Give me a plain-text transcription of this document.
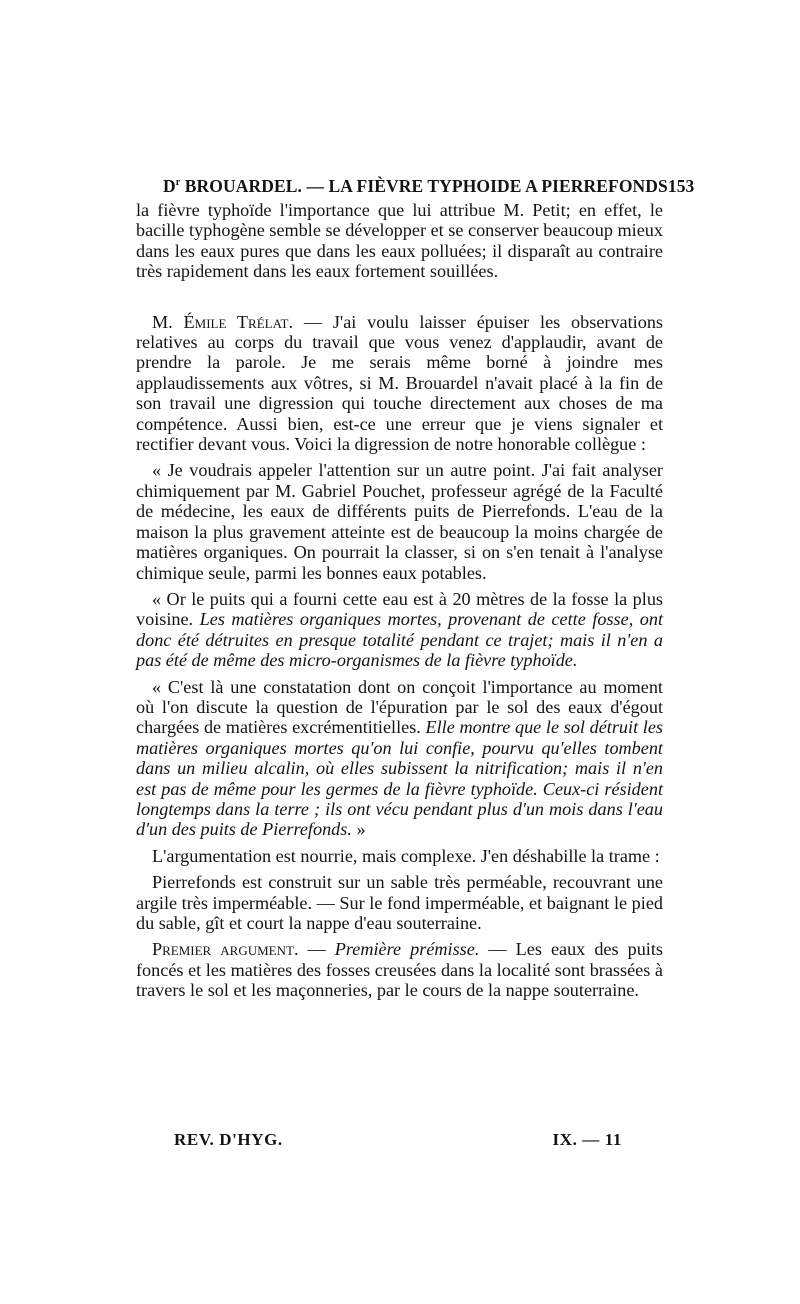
$D^r$ BROUARDEL. — LA FIÈVRE TYPHOIDE A PIERREFONDS 153

la fièvre typhoïde l'importance que lui attribue M. Petit; en effet, le bacille typhogène semble se développer et se conserver beaucoup mieux dans les eaux pures que dans les eaux polluées; il disparaît au contraire très rapidement dans les eaux fortement souillées.

M. Émile Trélat. — J'ai voulu laisser épuiser les observations relatives au corps du travail que vous venez d'applaudir, avant de prendre la parole. Je me serais même borné à joindre mes applaudissements aux vôtres, si M. Brouardel n'avait placé à la fin de son travail une digression qui touche directement aux choses de ma compétence. Aussi bien, est-ce une erreur que je viens signaler et rectifier devant vous. Voici la digression de notre honorable collègue :

« Je voudrais appeler l'attention sur un autre point. J'ai fait analyser chimiquement par M. Gabriel Pouchet, professeur agrégé de la Faculté de médecine, les eaux de différents puits de Pierrefonds. L'eau de la maison la plus gravement atteinte est de beaucoup la moins chargée de matières organiques. On pourrait la classer, si on s'en tenait à l'analyse chimique seule, parmi les bonnes eaux potables.

« Or le puits qui a fourni cette eau est à 20 mètres de la fosse la plus voisine. Les matières organiques mortes, provenant de cette fosse, ont donc été détruites en presque totalité pendant ce trajet; mais il n'en a pas été de même des micro-organismes de la fièvre typhoïde.

« C'est là une constatation dont on conçoit l'importance au moment où l'on discute la question de l'épuration par le sol des eaux d'égout chargées de matières excrémentitielles. Elle montre que le sol détruit les matières organiques mortes qu'on lui confie, pourvu qu'elles tombent dans un milieu alcalin, où elles subissent la nitrification; mais il n'en est pas de même pour les germes de la fièvre typhoïde. Ceux-ci résident longtemps dans la terre ; ils ont vécu pendant plus d'un mois dans l'eau d'un des puits de Pierrefonds. »

L'argumentation est nourrie, mais complexe. J'en déshabille la trame :

Pierrefonds est construit sur un sable très perméable, recouvrant une argile très imperméable. — Sur le fond imperméable, et baignant le pied du sable, gît et court la nappe d'eau souterraine.

Premier argument. — Première prémisse. — Les eaux des puits foncés et les matières des fosses creusées dans la localité sont brassées à travers le sol et les maçonneries, par le cours de la nappe souterraine.

REV. D'HYG.	IX. — 11
